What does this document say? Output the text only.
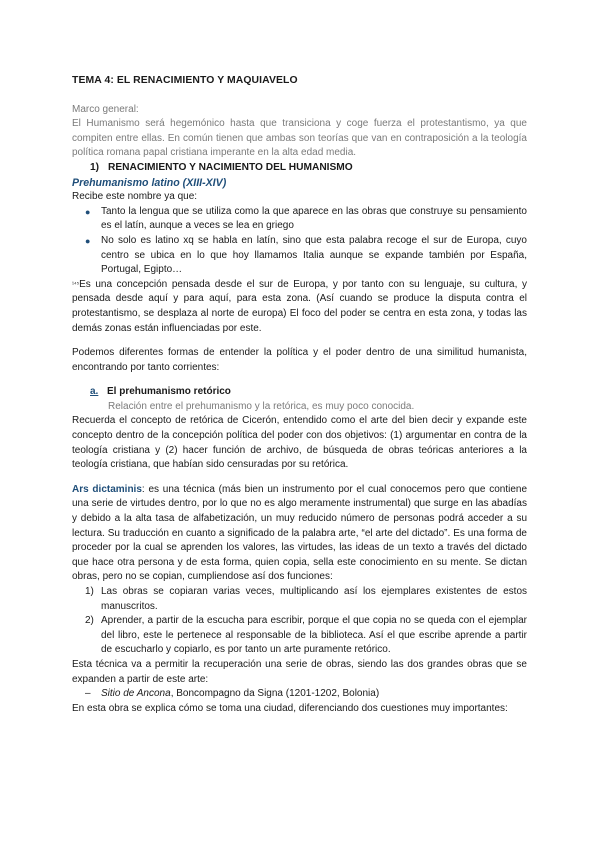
TEMA 4: EL RENACIMIENTO Y MAQUIAVELO

Marco general:

El Humanismo será hegemónico hasta que transiciona y coge fuerza el protestantismo, ya que compiten entre ellas. En común tienen que ambas son teorías que van en contraposición a la teología política romana papal cristiana imperante en la alta edad media.

1) RENACIMIENTO Y NACIMIENTO DEL HUMANISMO

Prehumanismo latino (XIII-XIV)

Recibe este nombre ya que:

● Tanto la lengua que se utiliza como la que aparece en las obras que construye su pensamiento es el latín, aunque a veces se lea en griego
● No solo es latino xq se habla en latín, sino que esta palabra recoge el sur de Europa, cuyo centro se ubica en lo que hoy llamamos Italia aunque se expande también por España, Portugal, Egipto…

$^{^{145}}$Es una concepción pensada desde el sur de Europa, y por tanto con su lenguaje, su cultura, y pensada desde aquí y para aquí, para esta zona. (Así cuando se produce la disputa contra el protestantismo, se desplaza al norte de europa) El foco del poder se centra en esta zona, y todas las demás zonas están influenciadas por este.

Podemos diferentes formas de entender la política y el poder dentro de una similitud humanista, encontrando por tanto corrientes:

a. El prehumanismo retórico

Relación entre el prehumanismo y la retórica, es muy poco conocida.

Recuerda el concepto de retórica de Cicerón, entendido como el arte del bien decir y expande este concepto dentro de la concepción política del poder con dos objetivos: (1) argumentar en contra de la teología cristiana y (2) hacer función de archivo, de búsqueda de obras teóricas anteriores a la teología cristiana, que habían sido censuradas por su retórica.

Ars dictaminis: es una técnica (más bien un instrumento por el cual conocemos pero que contiene una serie de virtudes dentro, por lo que no es algo meramente instrumental) que surge en las abadías y debido a la alta tasa de alfabetización, un muy reducido número de personas podrá acceder a su lectura. Su traducción en cuanto a significado de la palabra arte, “el arte del dictado”. Es una forma de proceder por la cual se aprenden los valores, las virtudes, las ideas de un texto a través del dictado que hace otra persona y de esta forma, quien copia, sella este conocimiento en su mente. Se dictan obras, pero no se copian, cumpliendose así dos funciones:

1) Las obras se copiaran varias veces, multiplicando así los ejemplares existentes de estos manuscritos.
2) Aprender, a partir de la escucha para escribir, porque el que copia no se queda con el ejemplar del libro, este le pertenece al responsable de la biblioteca. Así el que escribe aprende a partir de escucharlo y copiarlo, es por tanto un arte puramente retórico.

Esta técnica va a permitir la recuperación una serie de obras, siendo las dos grandes obras que se expanden a partir de este arte:

– Sitio de Ancona, Boncompagno da Signa (1201-1202, Bolonia)

En esta obra se explica cómo se toma una ciudad, diferenciando dos cuestiones muy importantes:
